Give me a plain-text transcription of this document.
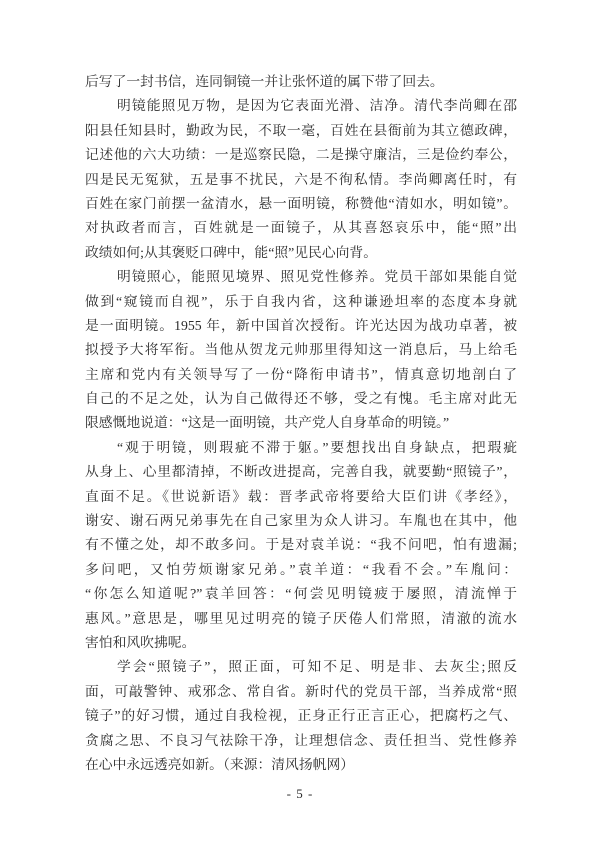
后写了一封书信，连同铜镜一并让张怀道的属下带了回去。
明镜能照见万物，是因为它表面光滑、洁净。清代李尚卿在邵
阳县任知县时，勤政为民，不取一毫，百姓在县衙前为其立德政碑，
记述他的六大功绩：一是巡察民隐，二是操守廉洁，三是俭约奉公，
四是民无冤狱，五是事不扰民，六是不徇私情。李尚卿离任时，有
百姓在家门前摆一盆清水，悬一面明镜，称赞他“清如水，明如镜”。
对执政者而言，百姓就是一面镜子，从其喜怒哀乐中，能“照”出
政绩如何;从其褒贬口碑中，能“照”见民心向背。
明镜照心，能照见境界、照见党性修养。党员干部如果能自觉
做到“窥镜而自视”，乐于自我内省，这种谦逊坦率的态度本身就
是一面明镜。1955 年，新中国首次授衔。许光达因为战功卓著，被
拟授予大将军衔。当他从贺龙元帅那里得知这一消息后，马上给毛
主席和党内有关领导写了一份“降衔申请书”，情真意切地剖白了
自己的不足之处，认为自己做得还不够，受之有愧。毛主席对此无
限感慨地说道：“这是一面明镜，共产党人自身革命的明镜。”
“观于明镜，则瑕疵不滞于躯。”要想找出自身缺点，把瑕疵
从身上、心里都清掉，不断改进提高，完善自我，就要勤“照镜子”，
直面不足。《世说新语》载：晋孝武帝将要给大臣们讲《孝经》，
谢安、谢石两兄弟事先在自己家里为众人讲习。车胤也在其中，他
有不懂之处，却不敢多问。于是对袁羊说：“我不问吧，怕有遗漏;
多问吧，又怕劳烦谢家兄弟。”袁羊道：“我看不会。”车胤问：
“你怎么知道呢?”袁羊回答：“何尝见明镜疲于屡照，清流惮于
惠风。”意思是，哪里见过明亮的镜子厌倦人们常照，清澈的流水
害怕和风吹拂呢。
学会“照镜子”，照正面，可知不足、明是非、去灰尘;照反
面，可敲警钟、戒邪念、常自省。新时代的党员干部，当养成常“照
镜子”的好习惯，通过自我检视，正身正行正言正心，把腐朽之气、
贪腐之思、不良习气祛除干净，让理想信念、责任担当、党性修养
在心中永远透亮如新。（来源：清风扬帆网）
- 5 -
